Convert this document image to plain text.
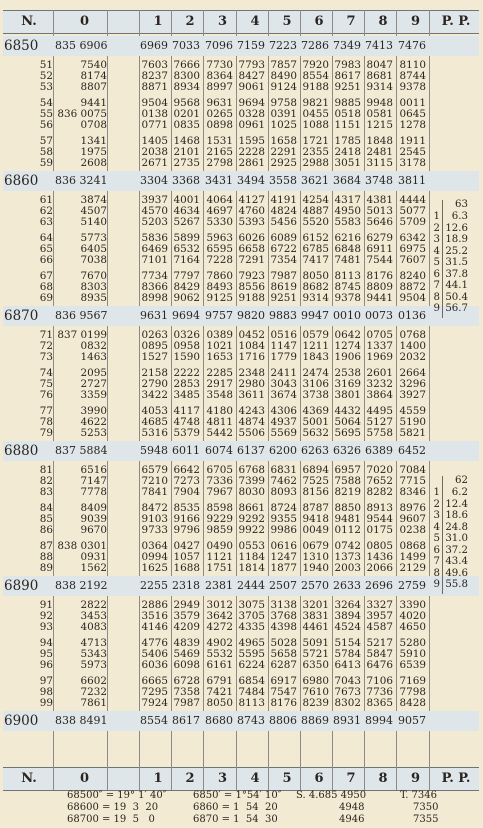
N.	0	1	2	3	4	5	6	7	8	9	P. P.
N.	0	1	2	3	4	5	6	7	8	9	P. P.
6850	835 6906	6969 7033 7096 7159 7223 7286 7349 7413 7476
51	7540	7603 7666 7730 7793 7857 7920 7983 8047 8110
52	8174	8237 8300 8364 8427 8490 8554 8617 8681 8744
53	8807	8871 8934 8997 9061 9124 9188 9251 9314 9378
54	9441	9504 9568 9631 9694 9758 9821 9885 9948 0011
55 836 0075	0138 0201 0265 0328 0391 0455 0518 0581 0645
56	0708	0771 0835 0898 0961 1025 1088 1151 1215 1278
57	1341	1405 1468 1531 1595 1658 1721 1785 1848 1911
58	1975	2038 2101 2165 2228 2291 2355 2418 2481 2545
59	2608	2671 2735 2798 2861 2925 2988 3051 3115 3178
6860	836 3241	3304 3368 3431 3494 3558 3621 3684 3748 3811
61	3874	3937 4001 4064 4127 4191 4254 4317 4381 4444
62	4507	4570 4634 4697 4760 4824 4887 4950 5013 5077
63	5140	5203 5267 5330 5393 5456 5520 5583 5646 5709
64	5773	5836 5899 5963 6026 6089 6152 6216 6279 6342
65	6405	6469 6532 6595 6658 6722 6785 6848 6911 6975
66	7038	7101 7164 7228 7291 7354 7417 7481 7544 7607
67	7670	7734 7797 7860 7923 7987 8050 8113 8176 8240
68	8303	8366 8429 8493 8556 8619 8682 8745 8809 8872
69	8935	8998 9062 9125 9188 9251 9314 9378 9441 9504
6870	836 9567	9631 9694 9757 9820 9883 9947 0010 0073 0136
71 837 0199	0263 0326 0389 0452 0516 0579 0642 0705 0768
72	0832	0895 0958 1021 1084 1147 1211 1274 1337 1400
73	1463	1527 1590 1653 1716 1779 1843 1906 1969 2032
74	2095	2158 2222 2285 2348 2411 2474 2538 2601 2664
75	2727	2790 2853 2917 2980 3043 3106 3169 3232 3296
76	3359	3422 3485 3548 3611 3674 3738 3801 3864 3927
77	3990	4053 4117 4180 4243 4306 4369 4432 4495 4559
78	4622	4685 4748 4811 4874 4937 5001 5064 5127 5190
79	5253	5316 5379 5442 5506 5569 5632 5695 5758 5821
6880	837 5884	5948 6011 6074 6137 6200 6263 6326 6389 6452
81	6516	6579 6642 6705 6768 6831 6894 6957 7020 7084
82	7147	7210 7273 7336 7399 7462 7525 7588 7652 7715
83	7778	7841 7904 7967 8030 8093 8156 8219 8282 8346
84	8409	8472 8535 8598 8661 8724 8787 8850 8913 8976
85	9039	9103 9166 9229 9292 9355 9418 9481 9544 9607
86	9670	9733 9796 9859 9922 9986 0049 0112 0175 0238
87 838 0301	0364 0427 0490 0553 0616 0679 0742 0805 0868
88	0931	0994 1057 1121 1184 1247 1310 1373 1436 1499
89	1562	1625 1688 1751 1814 1877 1940 2003 2066 2129
6890	838 2192	2255 2318 2381 2444 2507 2570 2633 2696 2759
91	2822	2886 2949 3012 3075 3138 3201 3264 3327 3390
92	3453	3516 3579 3642 3705 3768 3831 3894 3957 4020
93	4083	4146 4209 4272 4335 4398 4461 4524 4587 4650
94	4713	4776 4839 4902 4965 5028 5091 5154 5217 5280
95	5343	5406 5469 5532 5595 5658 5721 5784 5847 5910
96	5973	6036 6098 6161 6224 6287 6350 6413 6476 6539
97	6602	6665 6728 6791 6854 6917 6980 7043 7106 7169
98	7232	7295 7358 7421 7484 7547 7610 7673 7736 7798
99	7861	7924 7987 8050 8113 8176 8239 8302 8365 8428
6900	838 8491	8554 8617 8680 8743 8806 8869 8931 8994 9057
63
1	6.3
2 12.6
3 18.9
4 25.2
5 31.5
6 37.8
7 44.1
8 50.4
9 56.7
62
1	6.2
2 12.4
3 18.6
4 24.8
5 31.0
6 37.2
7 43.4
8 49.6
9 55.8
68500″ = 19° 1′ 40″	6850′ = 1°54′ 10″ S. 4.685 4950	T. 7346
68600 = 19  3  20	6860 = 1  54  20	4948	7350
68700 = 19  5   0	6870 = 1  54  30	4946	7355
